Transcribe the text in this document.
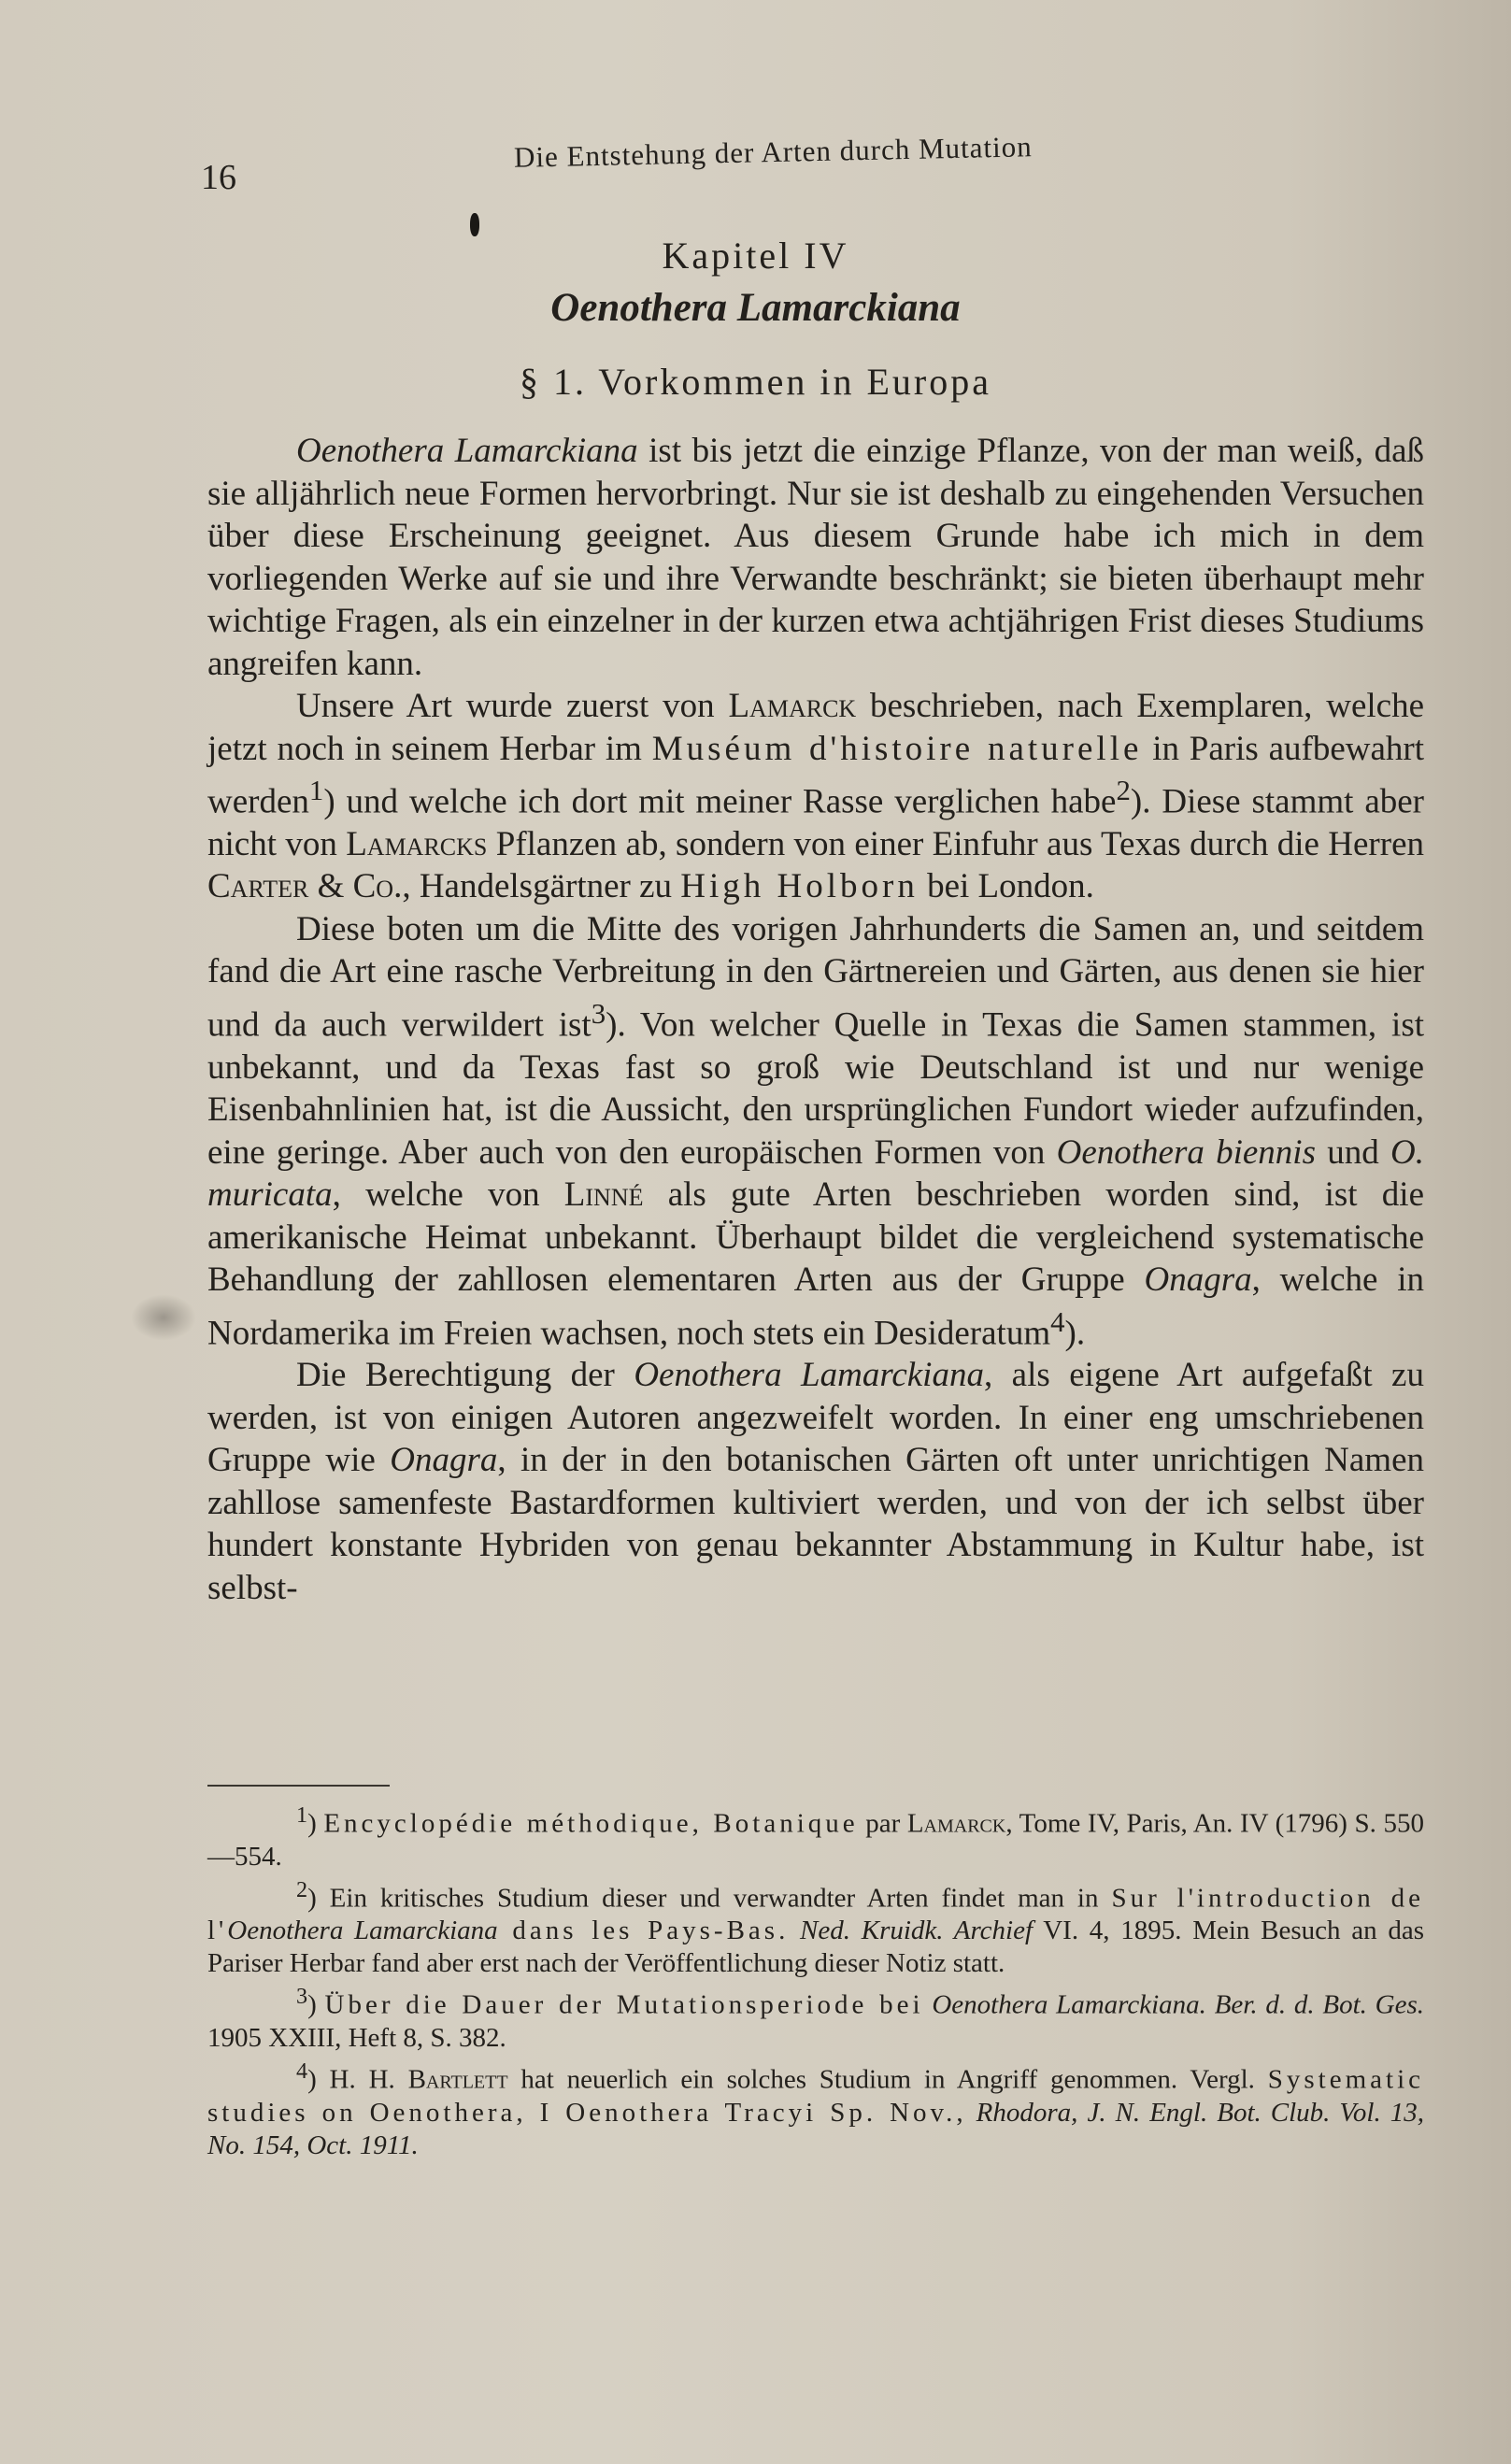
16
Die Entstehung der Arten durch Mutation
Kapitel IV
Oenothera Lamarckiana
§ 1. Vorkommen in Europa

Oenothera Lamarckiana ist bis jetzt die einzige Pflanze, von der man weiß, daß sie alljährlich neue Formen hervorbringt. Nur sie ist deshalb zu eingehenden Versuchen über diese Erscheinung geeignet. Aus diesem Grunde habe ich mich in dem vorliegenden Werke auf sie und ihre Verwandte beschränkt; sie bieten überhaupt mehr wichtige Fragen, als ein einzelner in der kurzen etwa achtjährigen Frist dieses Studiums angreifen kann.

Unsere Art wurde zuerst von Lamarck beschrieben, nach Exemplaren, welche jetzt noch in seinem Herbar im Muséum d'histoire naturelle in Paris aufbewahrt werden$^1$) und welche ich dort mit meiner Rasse verglichen habe$^2$). Diese stammt aber nicht von Lamarcks Pflanzen ab, sondern von einer Einfuhr aus Texas durch die Herren Carter & Co., Handelsgärtner zu High Holborn bei London.

Diese boten um die Mitte des vorigen Jahrhunderts die Samen an, und seitdem fand die Art eine rasche Verbreitung in den Gärtnereien und Gärten, aus denen sie hier und da auch verwildert ist$^3$). Von welcher Quelle in Texas die Samen stammen, ist unbekannt, und da Texas fast so groß wie Deutschland ist und nur wenige Eisenbahnlinien hat, ist die Aussicht, den ursprünglichen Fundort wieder aufzufinden, eine geringe. Aber auch von den europäischen Formen von Oenothera biennis und O. muricata, welche von Linné als gute Arten beschrieben worden sind, ist die amerikanische Heimat unbekannt. Überhaupt bildet die vergleichend systematische Behandlung der zahllosen elementaren Arten aus der Gruppe Onagra, welche in Nordamerika im Freien wachsen, noch stets ein Desideratum$^4$).

Die Berechtigung der Oenothera Lamarckiana, als eigene Art aufgefaßt zu werden, ist von einigen Autoren angezweifelt worden. In einer eng umschriebenen Gruppe wie Onagra, in der in den botanischen Gärten oft unter unrichtigen Namen zahllose samenfeste Bastardformen kultiviert werden, und von der ich selbst über hundert konstante Hybriden von genau bekannter Abstammung in Kultur habe, ist selbst-

$^1$) Encyclopédie méthodique, Botanique par Lamarck, Tome IV, Paris, An. IV (1796) S. 550—554.

$^2$) Ein kritisches Studium dieser und verwandter Arten findet man in Sur l'introduction de l'Oenothera Lamarckiana dans les Pays-Bas. Ned. Kruidk. Archief VI. 4, 1895. Mein Besuch an das Pariser Herbar fand aber erst nach der Veröffentlichung dieser Notiz statt.

$^3$) Über die Dauer der Mutationsperiode bei Oenothera Lamarckiana. Ber. d. d. Bot. Ges. 1905 XXIII, Heft 8, S. 382.

$^4$) H. H. Bartlett hat neuerlich ein solches Studium in Angriff genommen. Vergl. Systematic studies on Oenothera, I Oenothera Tracyi Sp. Nov., Rhodora, J. N. Engl. Bot. Club. Vol. 13, No. 154, Oct. 1911.
